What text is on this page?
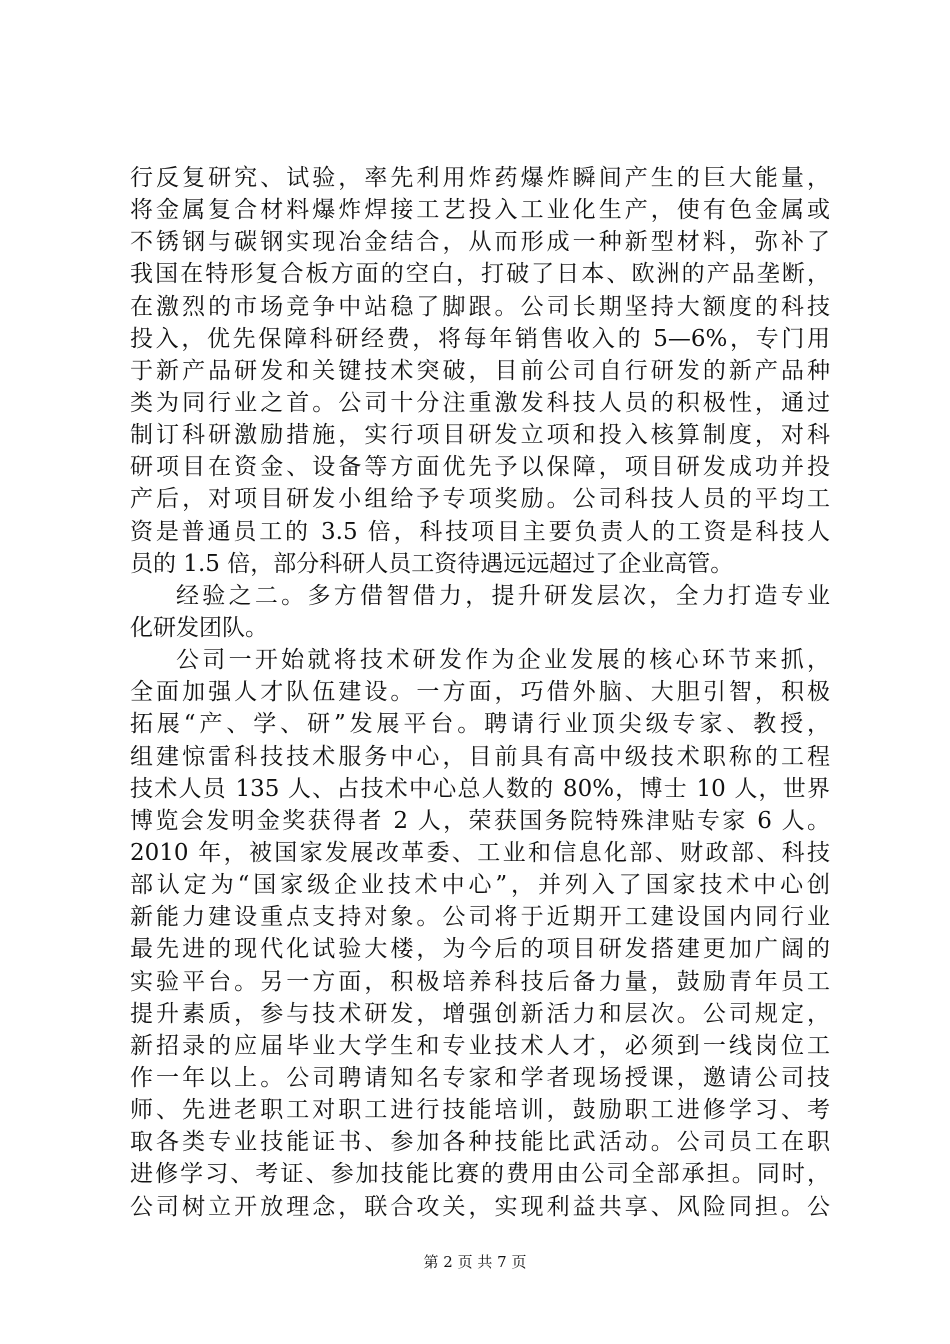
行反复研究、试验，率先利用炸药爆炸瞬间产生的巨大能量，
将金属复合材料爆炸焊接工艺投入工业化生产，使有色金属或
不锈钢与碳钢实现冶金结合，从而形成一种新型材料，弥补了
我国在特形复合板方面的空白，打破了日本、欧洲的产品垄断，
在激烈的市场竞争中站稳了脚跟。公司长期坚持大额度的科技
投入，优先保障科研经费，将每年销售收入的 5—6%，专门用
于新产品研发和关键技术突破，目前公司自行研发的新产品种
类为同行业之首。公司十分注重激发科技人员的积极性，通过
制订科研激励措施，实行项目研发立项和投入核算制度，对科
研项目在资金、设备等方面优先予以保障，项目研发成功并投
产后，对项目研发小组给予专项奖励。公司科技人员的平均工
资是普通员工的 3.5 倍，科技项目主要负责人的工资是科技人
员的 1.5 倍，部分科研人员工资待遇远远超过了企业高管。
经验之二。多方借智借力，提升研发层次，全力打造专业
化研发团队。
公司一开始就将技术研发作为企业发展的核心环节来抓，
全面加强人才队伍建设。一方面，巧借外脑、大胆引智，积极
拓展“产、学、研”发展平台。聘请行业顶尖级专家、教授，
组建惊雷科技技术服务中心，目前具有高中级技术职称的工程
技术人员 135 人、占技术中心总人数的 80%，博士 10 人，世界
博览会发明金奖获得者 2 人，荣获国务院特殊津贴专家 6 人。
2010 年，被国家发展改革委、工业和信息化部、财政部、科技
部认定为“国家级企业技术中心”，并列入了国家技术中心创
新能力建设重点支持对象。公司将于近期开工建设国内同行业
最先进的现代化试验大楼，为今后的项目研发搭建更加广阔的
实验平台。另一方面，积极培养科技后备力量，鼓励青年员工
提升素质，参与技术研发，增强创新活力和层次。公司规定，
新招录的应届毕业大学生和专业技术人才，必须到一线岗位工
作一年以上。公司聘请知名专家和学者现场授课，邀请公司技
师、先进老职工对职工进行技能培训，鼓励职工进修学习、考
取各类专业技能证书、参加各种技能比武活动。公司员工在职
进修学习、考证、参加技能比赛的费用由公司全部承担。同时，
公司树立开放理念，联合攻关，实现利益共享、风险同担。公
第 2 页 共 7 页
